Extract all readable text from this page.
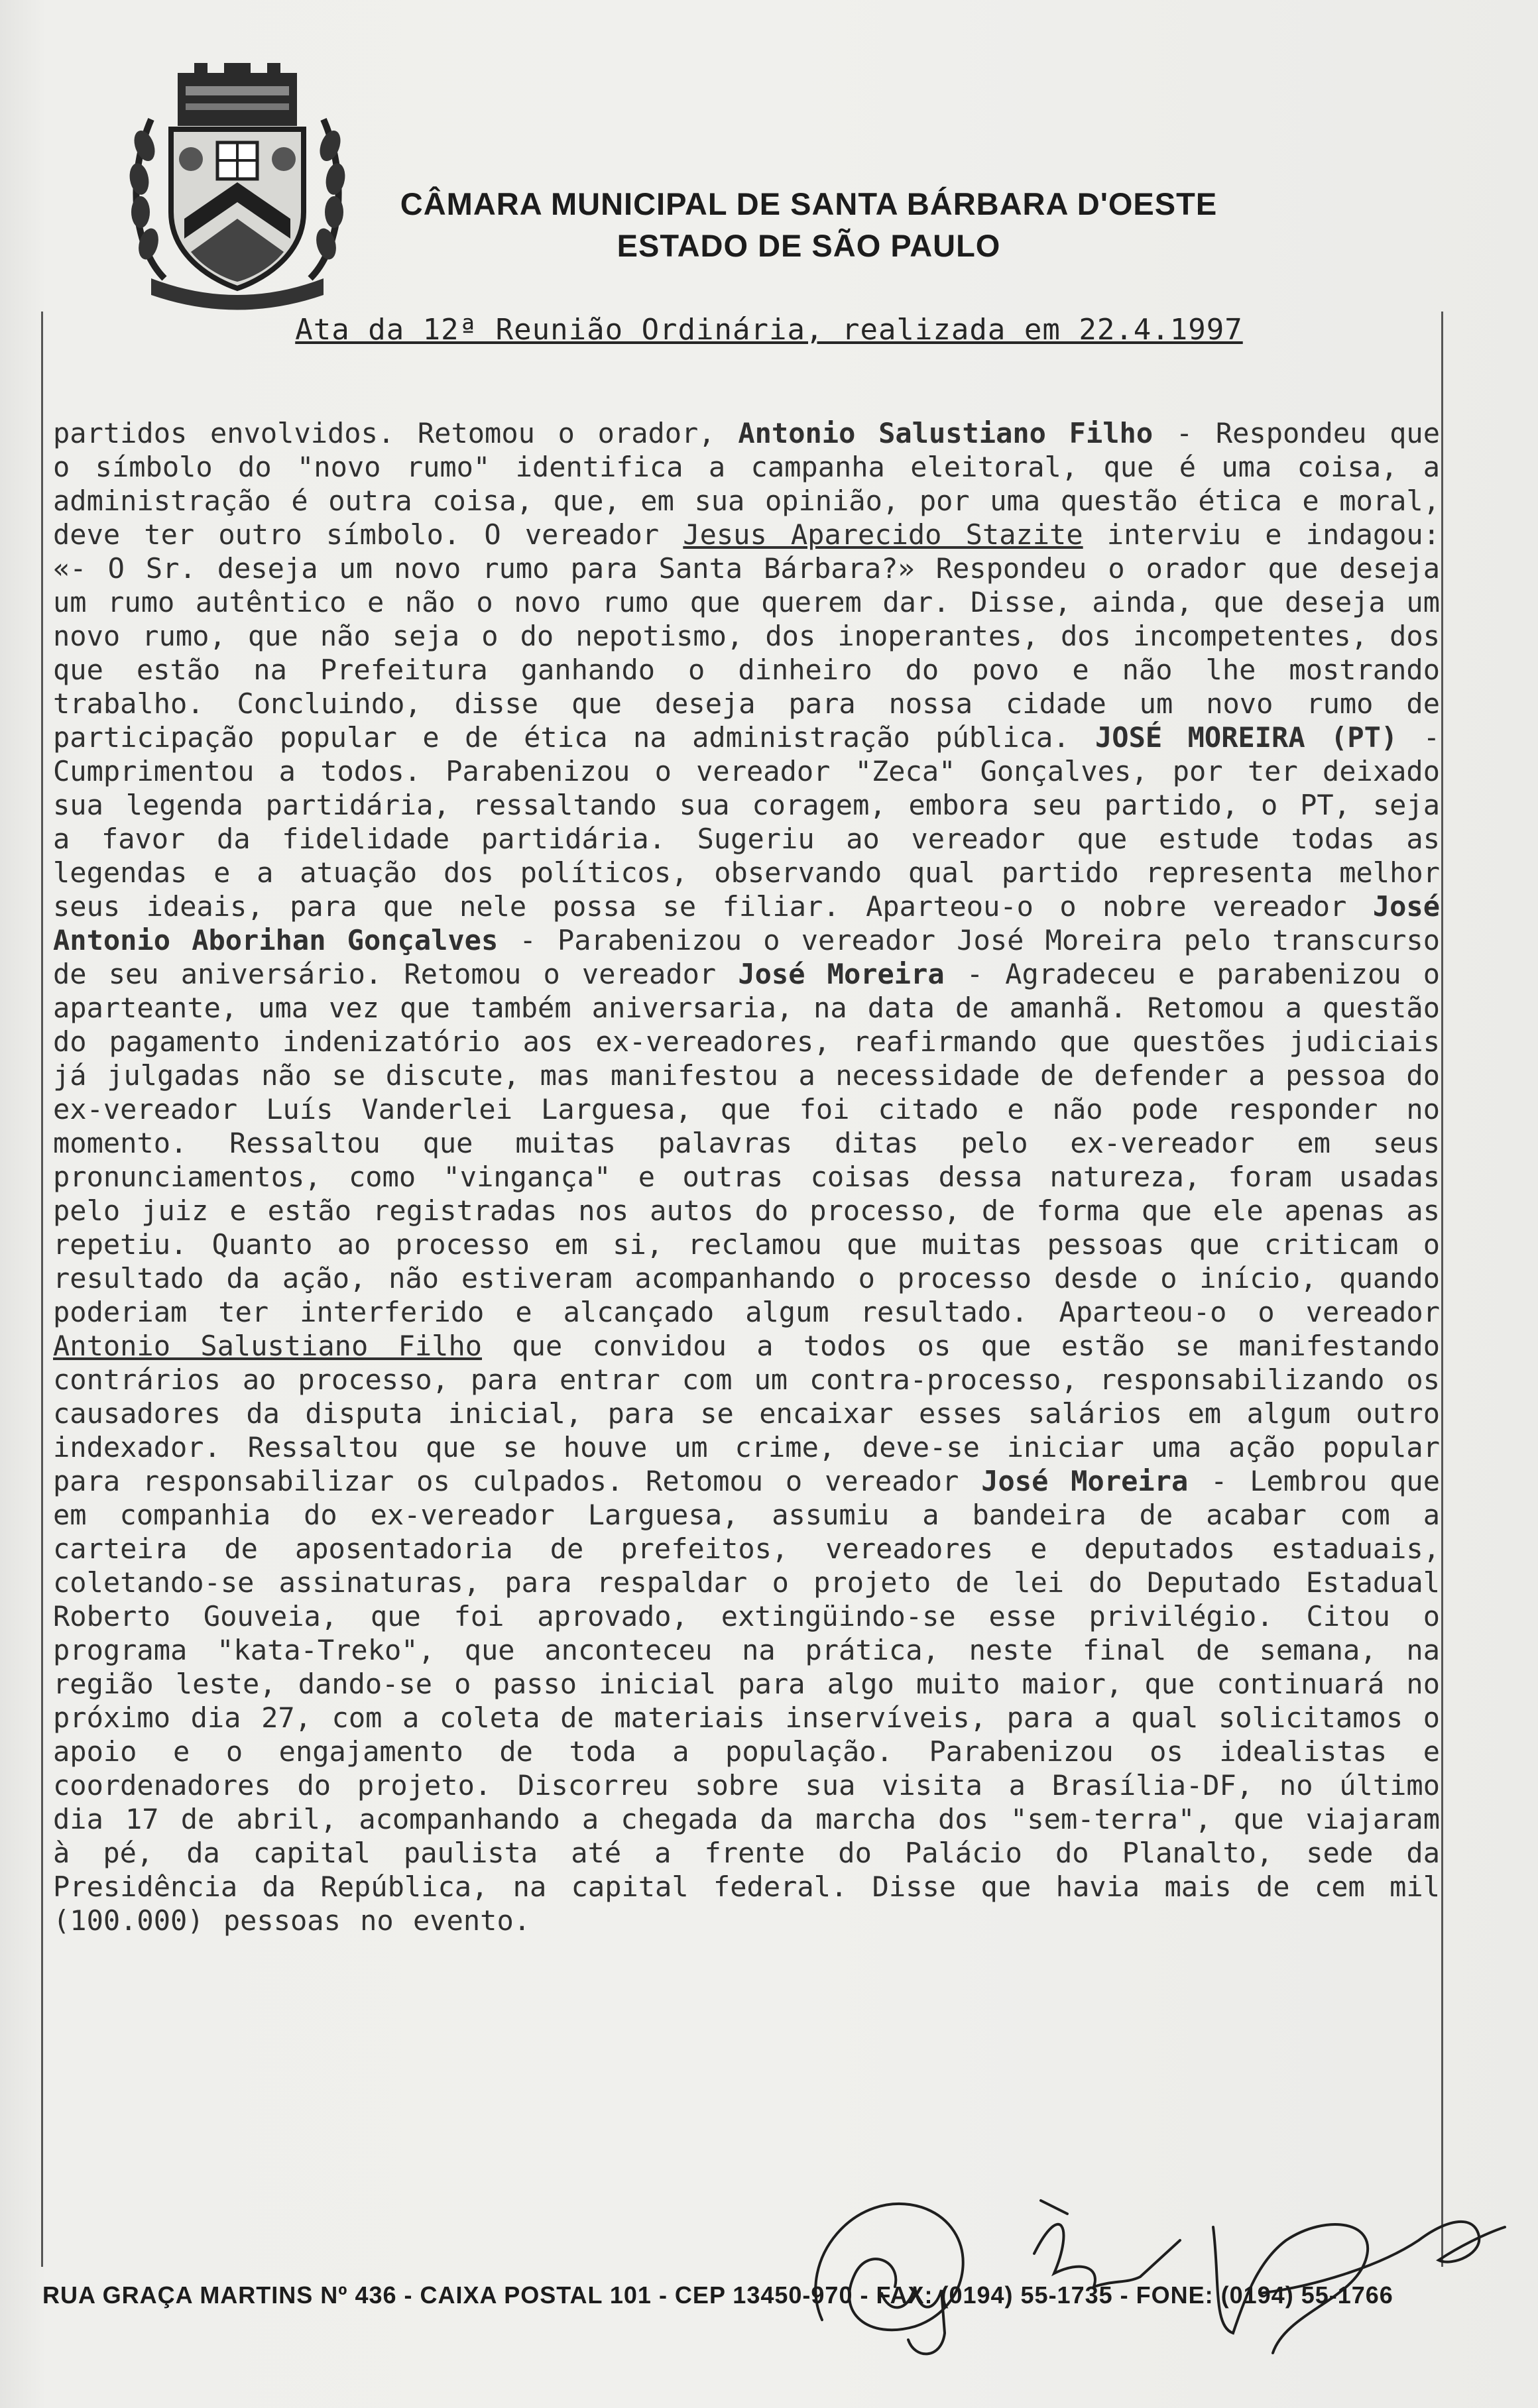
CÂMARA MUNICIPAL DE SANTA BÁRBARA D'OESTE
ESTADO DE SÃO PAULO
Ata da 12ª Reunião Ordinária, realizada em 22.4.1997

partidos envolvidos. Retomou o orador, Antonio Salustiano Filho - Respondeu que o símbolo do "novo rumo" identifica a campanha eleitoral, que é uma coisa, a administração é outra coisa, que, em sua opinião, por uma questão ética e moral, deve ter outro símbolo. O vereador Jesus Aparecido Stazite interviu e indagou: «- O Sr. deseja um novo rumo para Santa Bárbara?» Respondeu o orador que deseja um rumo autêntico e não o novo rumo que querem dar. Disse, ainda, que deseja um novo rumo, que não seja o do nepotismo, dos inoperantes, dos incompetentes, dos que estão na Prefeitura ganhando o dinheiro do povo e não lhe mostrando trabalho. Concluindo, disse que deseja para nossa cidade um novo rumo de participação popular e de ética na administração pública. JOSÉ MOREIRA (PT) - Cumprimentou a todos. Parabenizou o vereador "Zeca" Gonçalves, por ter deixado sua legenda partidária, ressaltando sua coragem, embora seu partido, o PT, seja a favor da fidelidade partidária. Sugeriu ao vereador que estude todas as legendas e a atuação dos políticos, observando qual partido representa melhor seus ideais, para que nele possa se filiar. Aparteou-o o nobre vereador José Antonio Aborihan Gonçalves - Parabenizou o vereador José Moreira pelo transcurso de seu aniversário. Retomou o vereador José Moreira - Agradeceu e parabenizou o aparteante, uma vez que também aniversaria, na data de amanhã. Retomou a questão do pagamento indenizatório aos ex-vereadores, reafirmando que questões judiciais já julgadas não se discute, mas manifestou a necessidade de defender a pessoa do ex-vereador Luís Vanderlei Larguesa, que foi citado e não pode responder no momento. Ressaltou que muitas palavras ditas pelo ex-vereador em seus pronunciamentos, como "vingança" e outras coisas dessa natureza, foram usadas pelo juiz e estão registradas nos autos do processo, de forma que ele apenas as repetiu. Quanto ao processo em si, reclamou que muitas pessoas que criticam o resultado da ação, não estiveram acompanhando o processo desde o início, quando poderiam ter interferido e alcançado algum resultado. Aparteou-o o vereador Antonio Salustiano Filho que convidou a todos os que estão se manifestando contrários ao processo, para entrar com um contra-processo, responsabilizando os causadores da disputa inicial, para se encaixar esses salários em algum outro indexador. Ressaltou que se houve um crime, deve-se iniciar uma ação popular para responsabilizar os culpados. Retomou o vereador José Moreira - Lembrou que em companhia do ex-vereador Larguesa, assumiu a bandeira de acabar com a carteira de aposentadoria de prefeitos, vereadores e deputados estaduais, coletando-se assinaturas, para respaldar o projeto de lei do Deputado Estadual Roberto Gouveia, que foi aprovado, extingüindo-se esse privilégio. Citou o programa "kata-Treko", que anconteceu na prática, neste final de semana, na região leste, dando-se o passo inicial para algo muito maior, que continuará no próximo dia 27, com a coleta de materiais inservíveis, para a qual solicitamos o apoio e o engajamento de toda a população. Parabenizou os idealistas e coordenadores do projeto. Discorreu sobre sua visita a Brasília-DF, no último dia 17 de abril, acompanhando a chegada da marcha dos "sem-terra", que viajaram à pé, da capital paulista até a frente do Palácio do Planalto, sede da Presidência da República, na capital federal. Disse que havia mais de cem mil (100.000) pessoas no evento.

RUA GRAÇA MARTINS Nº 436 - CAIXA POSTAL 101 - CEP 13450-970 - FAX: (0194) 55-1735 - FONE: (0194) 55-1766
